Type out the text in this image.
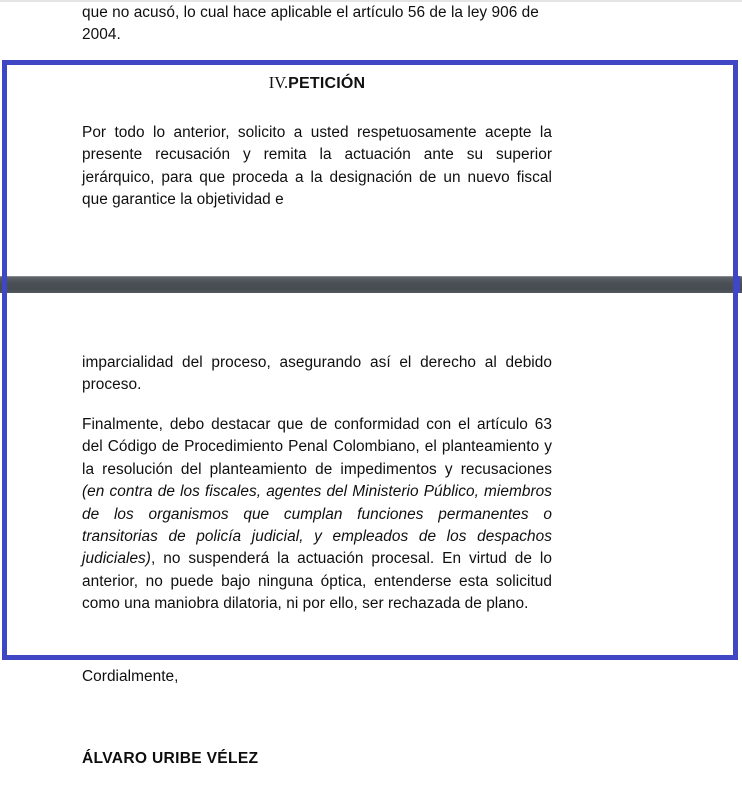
que no acusó, lo cual hace aplicable el artículo 56 de la ley 906 de 2004.

IV.PETICIÓN

Por todo lo anterior, solicito a usted respetuosamente acepte la presente recusación y remita la actuación ante su superior jerárquico, para que proceda a la designación de un nuevo fiscal que garantice la objetividad e

imparcialidad del proceso, asegurando así el derecho al debido proceso.

Finalmente, debo destacar que de conformidad con el artículo 63 del Código de Procedimiento Penal Colombiano, el planteamiento y la resolución del planteamiento de impedimentos y recusaciones (en contra de los fiscales, agentes del Ministerio Público, miembros de los organismos que cumplan funciones permanentes o transitorias de policía judicial, y empleados de los despachos judiciales), no suspenderá la actuación procesal. En virtud de lo anterior, no puede bajo ninguna óptica, entenderse esta solicitud como una maniobra dilatoria, ni por ello, ser rechazada de plano.

Cordialmente,

ÁLVARO URIBE VÉLEZ
